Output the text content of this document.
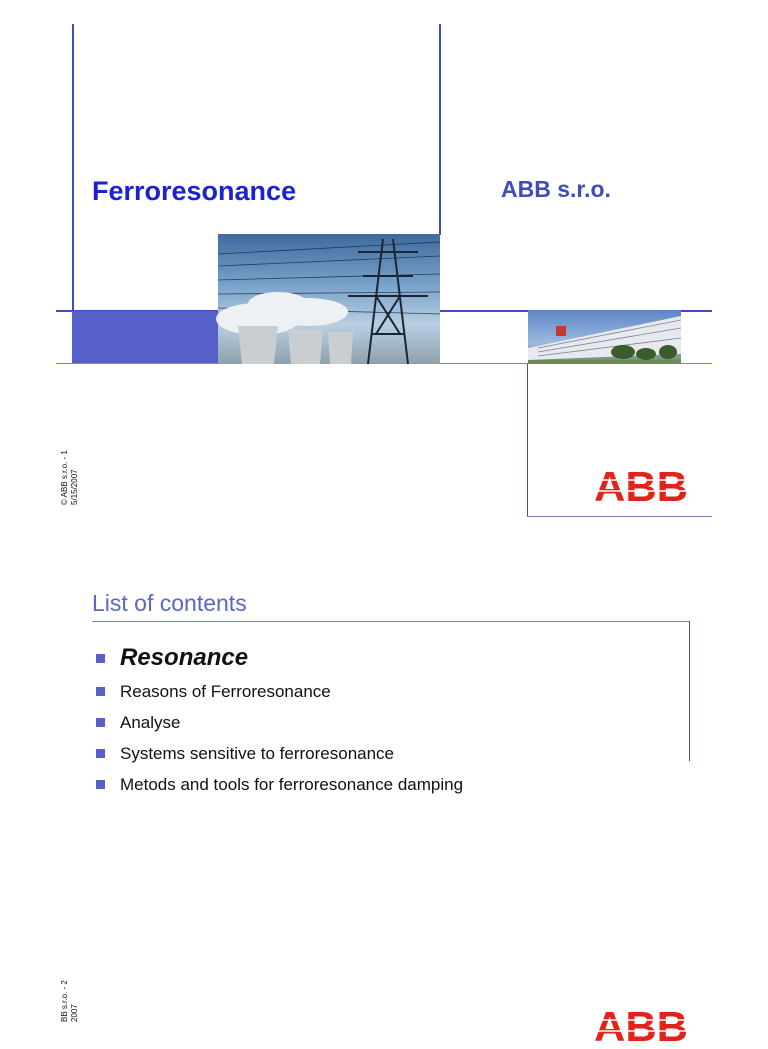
Ferroresonance	ABB s.r.o.
© ABB s.r.o. - 1 5/15/2007	ABB
List of contents
Resonance
Reasons of Ferroresonance
Analyse
Systems sensitive to ferroresonance
Metods and tools for ferroresonance damping
BB s.r.o. - 2 2007	ABB
